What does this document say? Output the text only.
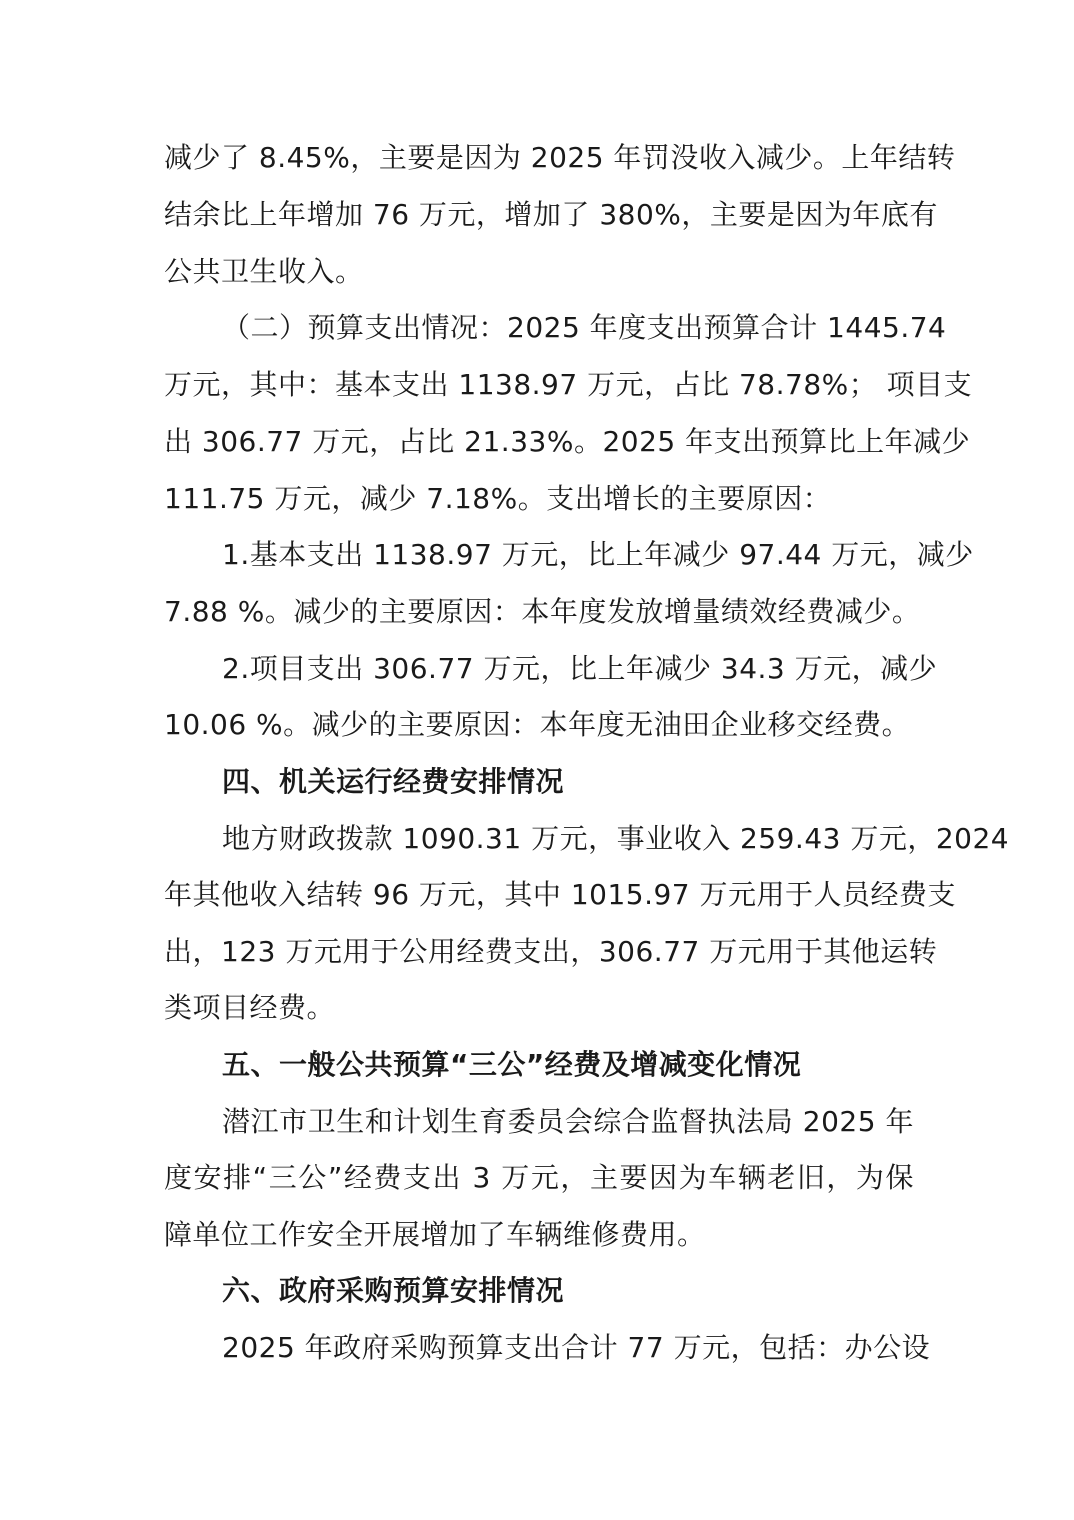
减少了 8.45%，主要是因为 2025 年罚没收入减少。上年结转
结余比上年增加 76 万元，增加了 380%，主要是因为年底有
公共卫生收入。
（二）预算支出情况：2025 年度支出预算合计 1445.74
万元，其中：基本支出 1138.97 万元，占比 78.78%； 项目支
出 306.77 万元，占比 21.33%。2025 年支出预算比上年减少
111.75 万元，减少 7.18%。支出增长的主要原因：
1.基本支出 1138.97 万元，比上年减少 97.44 万元，减少
7.88 %。减少的主要原因：本年度发放增量绩效经费减少。
2.项目支出 306.77 万元，比上年减少 34.3 万元，减少
10.06 %。减少的主要原因：本年度无油田企业移交经费。
四、机关运行经费安排情况
地方财政拨款 1090.31 万元，事业收入 259.43 万元，2024
年其他收入结转 96 万元，其中 1015.97 万元用于人员经费支
出，123 万元用于公用经费支出，306.77 万元用于其他运转
类项目经费。
五、一般公共预算“三公”经费及增减变化情况
潜江市卫生和计划生育委员会综合监督执法局 2025 年
度安排“三公”经费支出 3 万元，主要因为车辆老旧，为保
障单位工作安全开展增加了车辆维修费用。
六、政府采购预算安排情况
2025 年政府采购预算支出合计 77 万元，包括：办公设
